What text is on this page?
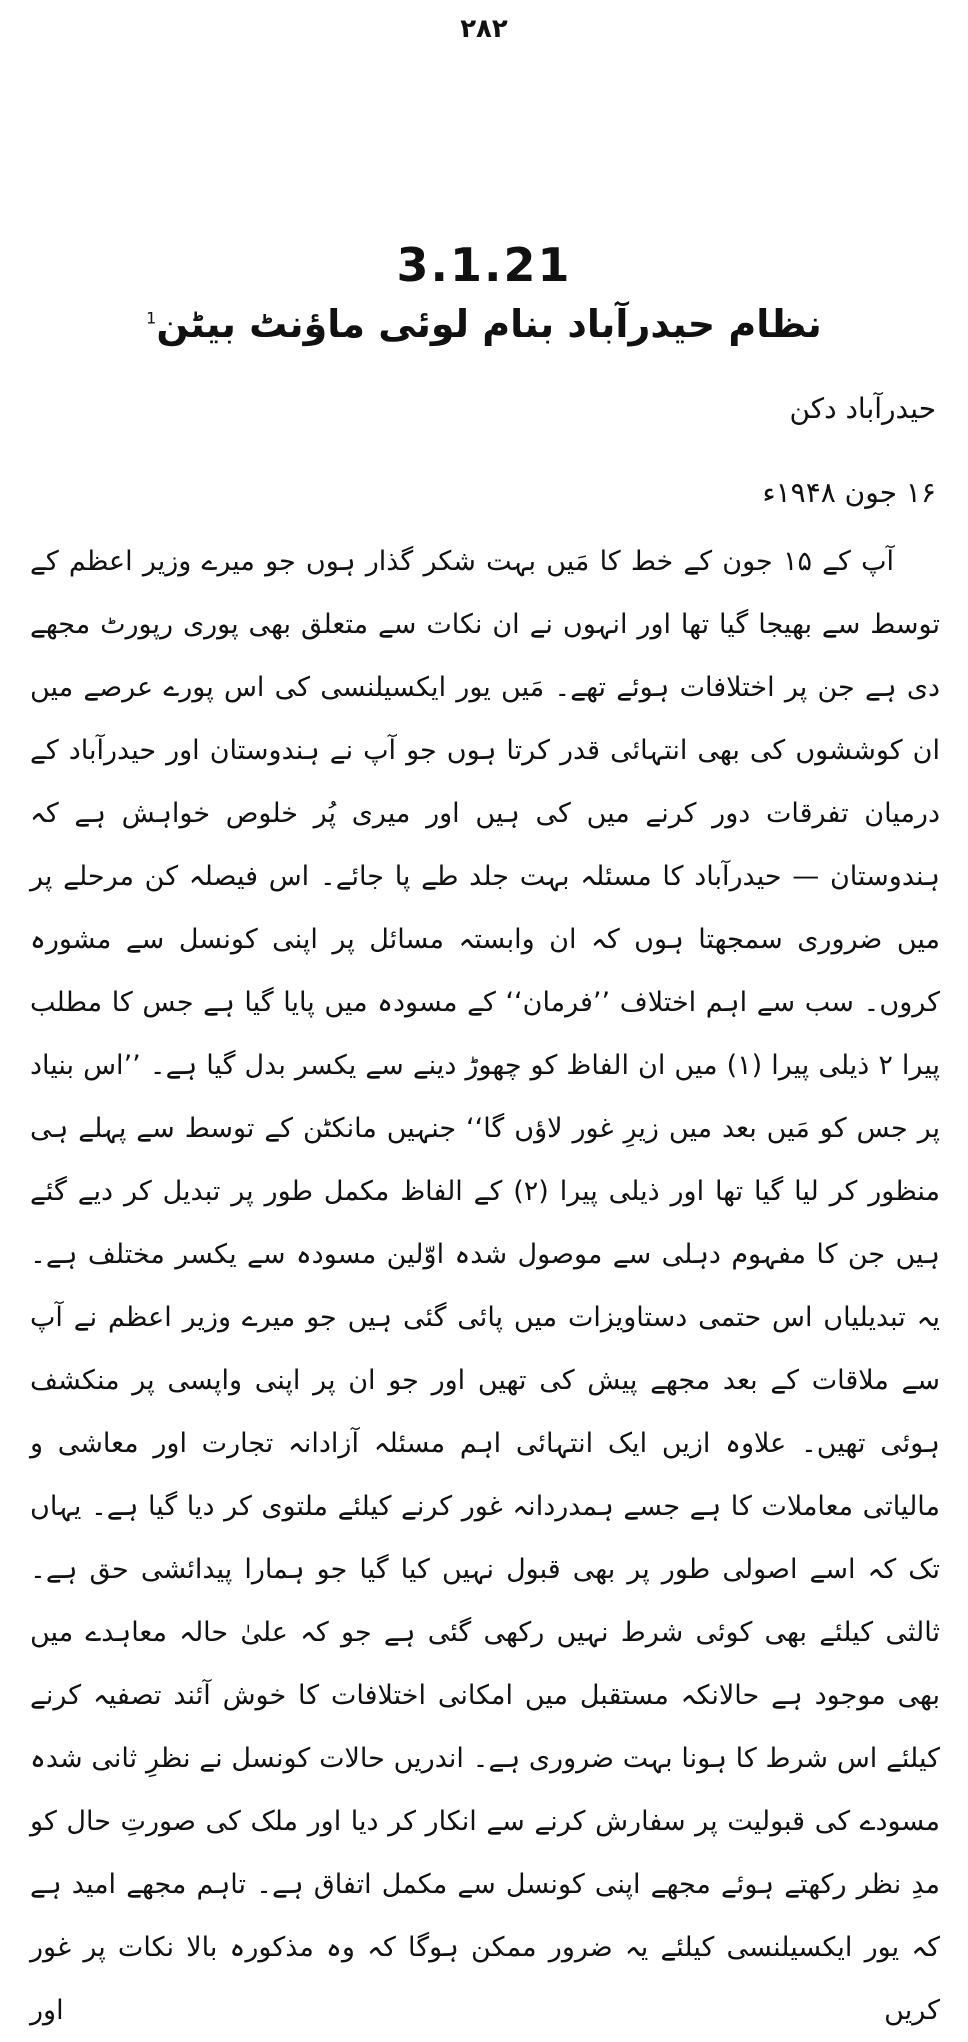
۲۸۲
3.1.21
نظام حیدرآباد بنام لوئی ماؤنٹ بیٹن$^1$
حیدرآباد دکن
۱۶ جون ۱۹۴۸ء

آپ کے ۱۵ جون کے خط کا مَیں بہت شکر گذار ہوں جو میرے وزیر اعظم کے توسط سے بھیجا گیا تھا اور انہوں نے ان نکات سے متعلق بھی پوری رپورٹ مجھے دی ہے جن پر اختلافات ہوئے تھے۔ مَیں یور ایکسیلنسی کی اس پورے عرصے میں ان کوششوں کی بھی انتہائی قدر کرتا ہوں جو آپ نے ہندوستان اور حیدرآباد کے درمیان تفرقات دور کرنے میں کی ہیں اور میری پُر خلوص خواہش ہے کہ ہندوستان — حیدرآباد کا مسئلہ بہت جلد طے پا جائے۔ اس فیصلہ کن مرحلے پر میں ضروری سمجھتا ہوں کہ ان وابستہ مسائل پر اپنی کونسل سے مشورہ کروں۔ سب سے اہم اختلاف ’’فرمان‘‘ کے مسودہ میں پایا گیا ہے جس کا مطلب پیرا ۲ ذیلی پیرا (۱) میں ان الفاظ کو چھوڑ دینے سے یکسر بدل گیا ہے۔ ’’اس بنیاد پر جس کو مَیں بعد میں زیرِ غور لاؤں گا‘‘ جنہیں مانکٹن کے توسط سے پہلے ہی منظور کر لیا گیا تھا اور ذیلی پیرا (۲) کے الفاظ مکمل طور پر تبدیل کر دیے گئے ہیں جن کا مفہوم دہلی سے موصول شدہ اوّلین مسودہ سے یکسر مختلف ہے۔ یہ تبدیلیاں اس حتمی دستاویزات میں پائی گئی ہیں جو میرے وزیر اعظم نے آپ سے ملاقات کے بعد مجھے پیش کی تھیں اور جو ان پر اپنی واپسی پر منکشف ہوئی تھیں۔ علاوہ ازیں ایک انتہائی اہم مسئلہ آزادانہ تجارت اور معاشی و مالیاتی معاملات کا ہے جسے ہمدردانہ غور کرنے کیلئے ملتوی کر دیا گیا ہے۔ یہاں تک کہ اسے اصولی طور پر بھی قبول نہیں کیا گیا جو ہمارا پیدائشی حق ہے۔ ثالثی کیلئے بھی کوئی شرط نہیں رکھی گئی ہے جو کہ علیٰ حالہ معاہدے میں بھی موجود ہے حالانکہ مستقبل میں امکانی اختلافات کا خوش آئند تصفیہ کرنے کیلئے اس شرط کا ہونا بہت ضروری ہے۔ اندریں حالات کونسل نے نظرِ ثانی شدہ مسودے کی قبولیت پر سفارش کرنے سے انکار کر دیا اور ملک کی صورتِ حال کو مدِ نظر رکھتے ہوئے مجھے اپنی کونسل سے مکمل اتفاق ہے۔ تاہم مجھے امید ہے کہ یور ایکسیلنسی کیلئے یہ ضرور ممکن ہوگا کہ وہ مذکورہ بالا نکات پر غور کریں اور
